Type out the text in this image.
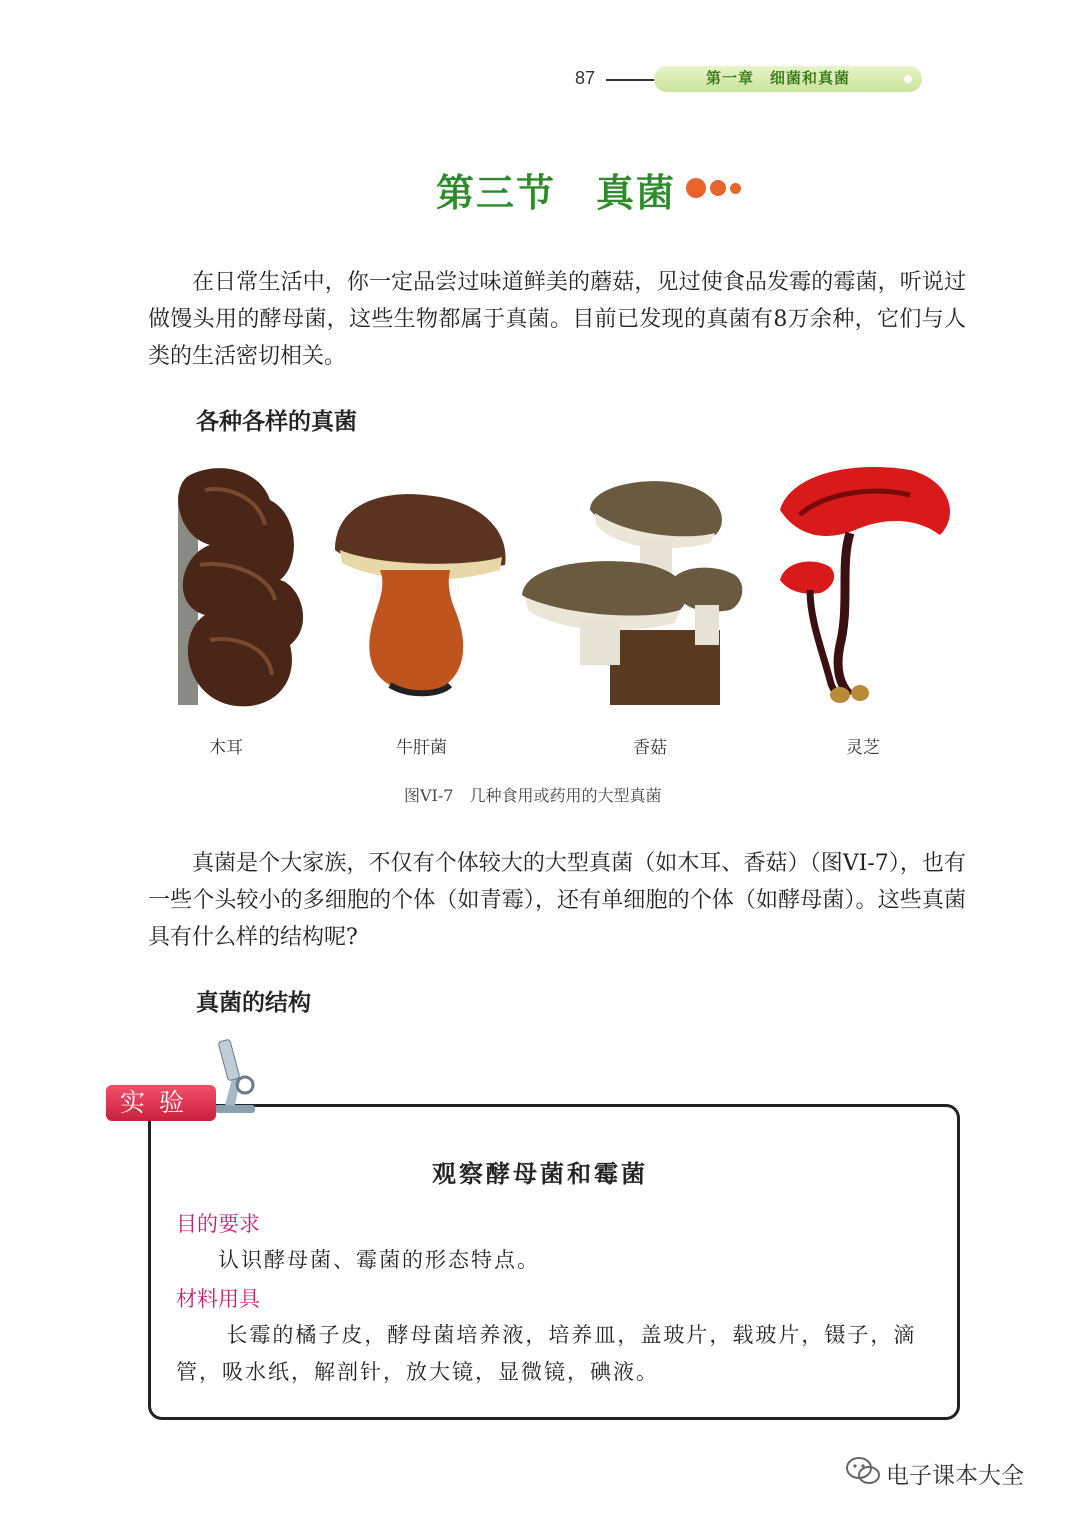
87	第一章　细菌和真菌
第三节　真菌

在日常生活中，你一定品尝过味道鲜美的蘑菇，见过使食品发霉的霉菌，听说过做馒头用的酵母菌，这些生物都属于真菌。目前已发现的真菌有8万余种，它们与人类的生活密切相关。

各种各样的真菌
木耳	牛肝菌	香菇	灵芝
图VI-7　几种食用或药用的大型真菌

真菌是个大家族，不仅有个体较大的大型真菌（如木耳、香菇）（图VI-7），也有一些个头较小的多细胞的个体（如青霉），还有单细胞的个体（如酵母菌）。这些真菌具有什么样的结构呢?

真菌的结构
实验
观察酵母菌和霉菌
目的要求
认识酵母菌、霉菌的形态特点。
材料用具
长霉的橘子皮，酵母菌培养液，培养皿，盖玻片，载玻片，镊子，滴管，吸水纸，解剖针，放大镜，显微镜，碘液。
电子课本大全
